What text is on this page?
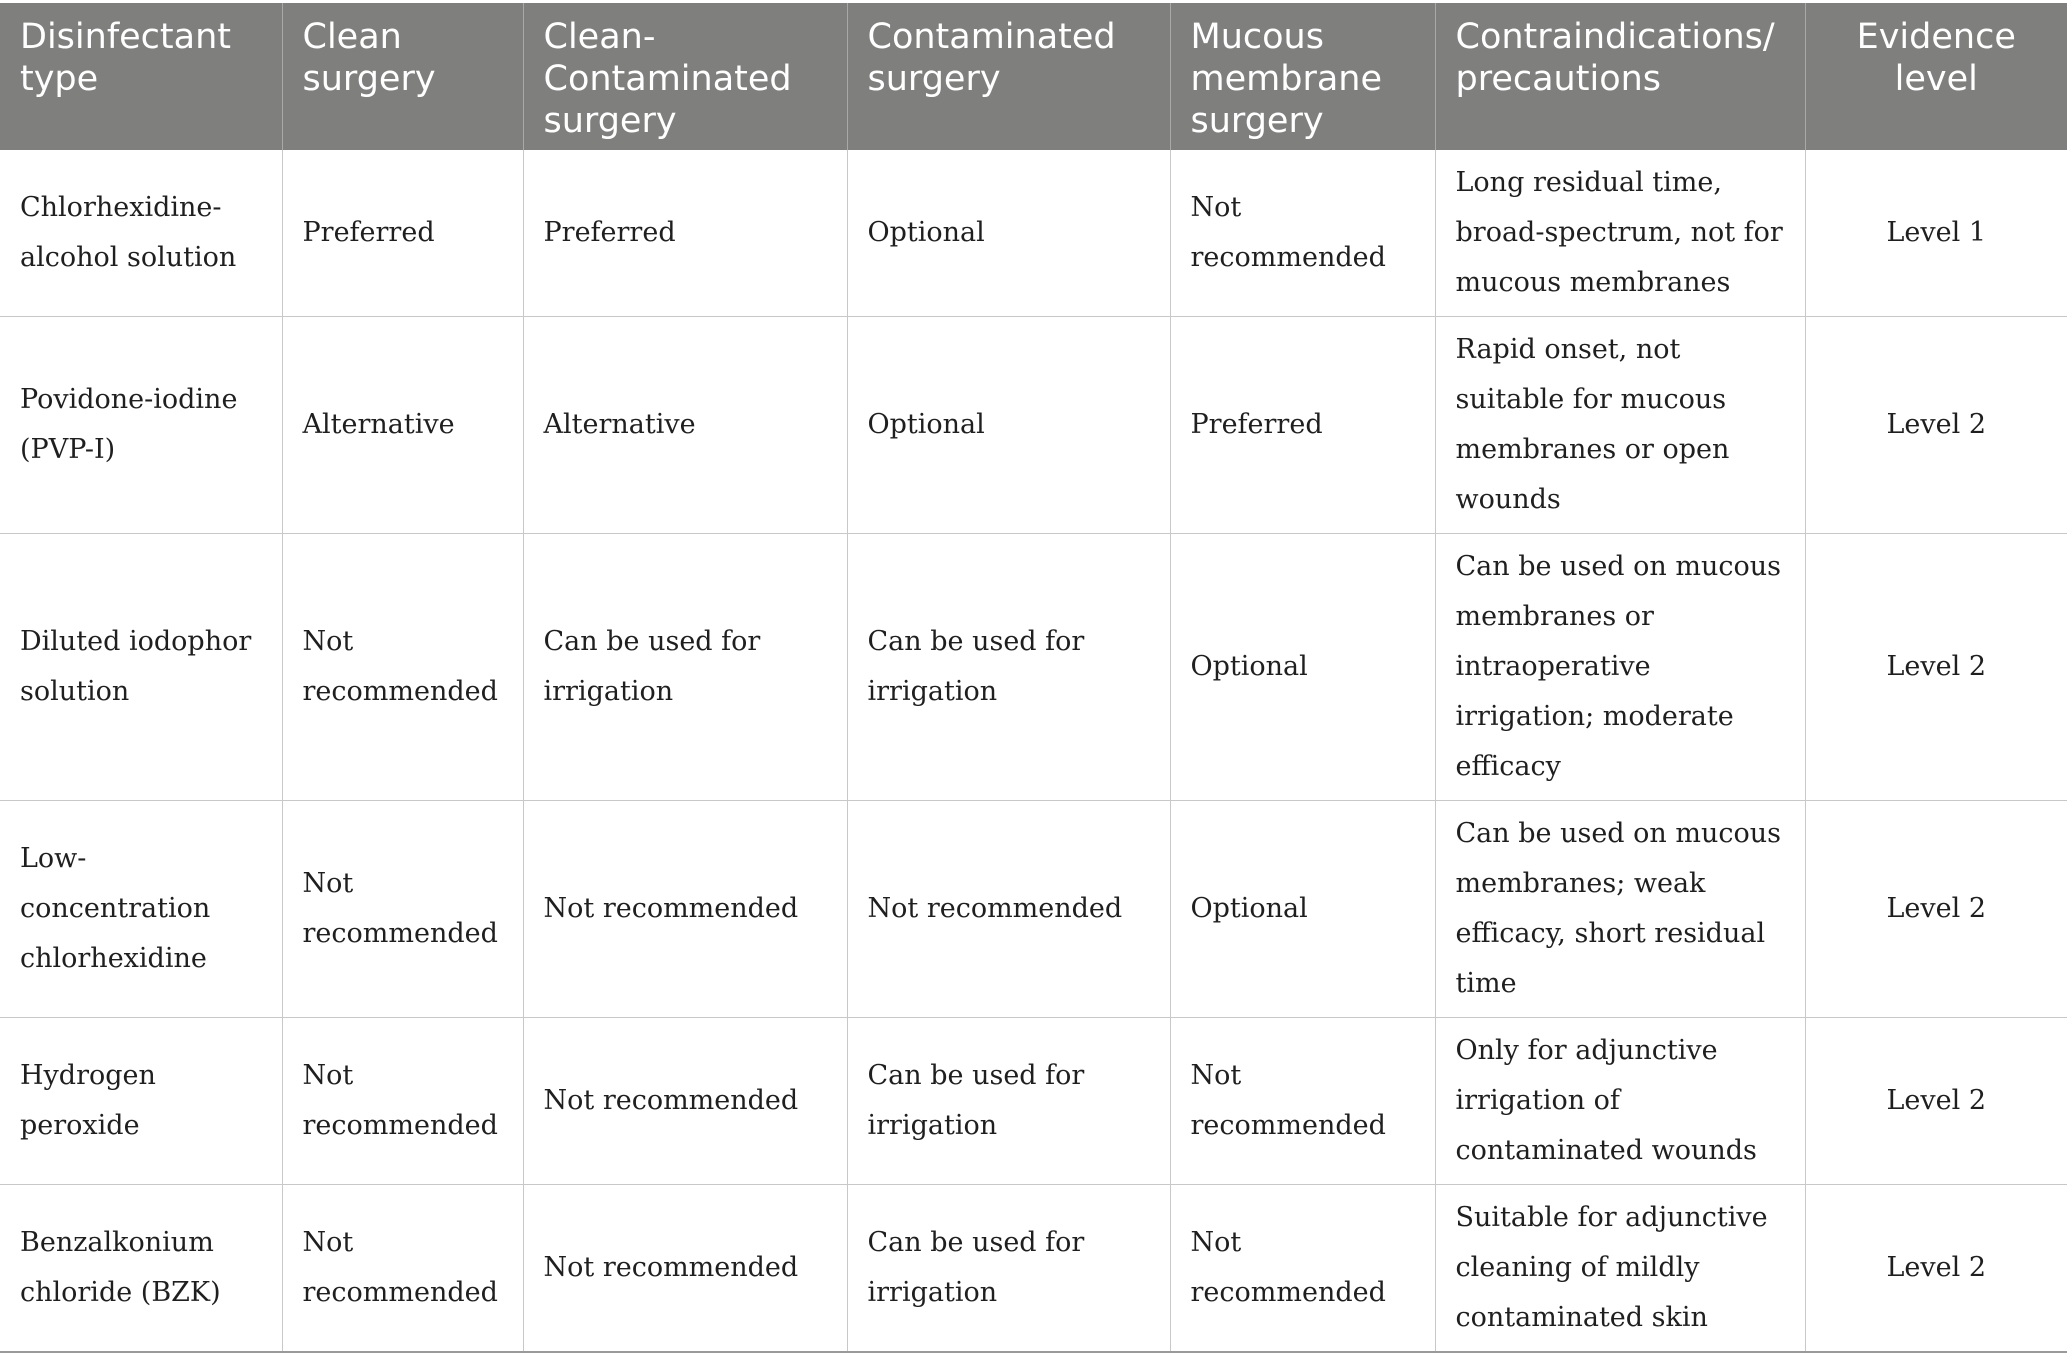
Disinfectant type	Clean surgery	Clean-Contaminated surgery	Contaminated surgery	Mucous membrane surgery	Contraindications/ precautions	Evidence level
Chlorhexidine-alcohol solution	Preferred	Preferred	Optional	Not recommended	Long residual time, broad-spectrum, not for mucous membranes	Level 1
Povidone-iodine (PVP-I)	Alternative	Alternative	Optional	Preferred	Rapid onset, not suitable for mucous membranes or open wounds	Level 2
Diluted iodophor solution	Not recommended	Can be used for irrigation	Can be used for irrigation	Optional	Can be used on mucous membranes or intraoperative irrigation; moderate efficacy	Level 2
Low-concentration chlorhexidine	Not recommended	Not recommended	Not recommended	Optional	Can be used on mucous membranes; weak efficacy, short residual time	Level 2
Hydrogen peroxide	Not recommended	Not recommended	Can be used for irrigation	Not recommended	Only for adjunctive irrigation of contaminated wounds	Level 2
Benzalkonium chloride (BZK)	Not recommended	Not recommended	Can be used for irrigation	Not recommended	Suitable for adjunctive cleaning of mildly contaminated skin	Level 2
